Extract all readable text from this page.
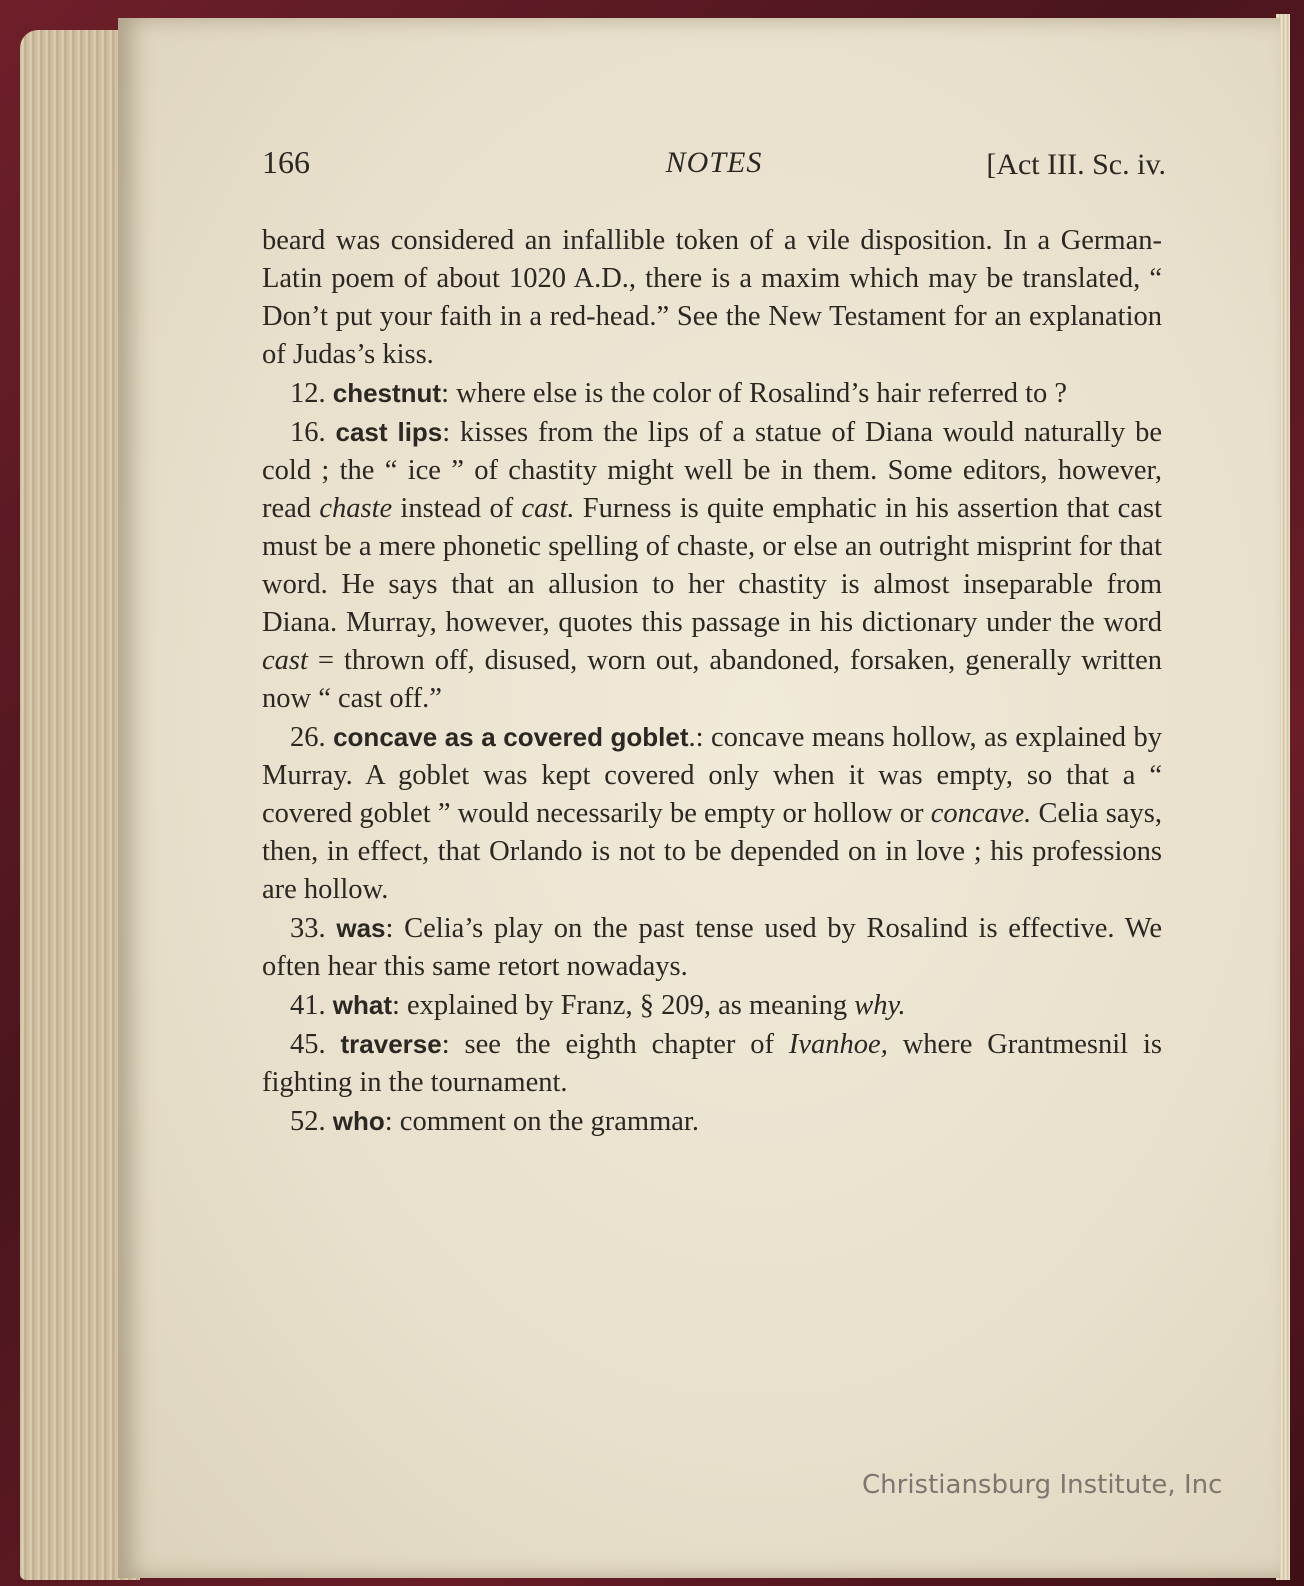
166	NOTES	[Act III. Sc. iv.

beard was considered an infallible token of a vile disposition. In a German-Latin poem of about 1020 A.D., there is a maxim which may be translated, “ Don’t put your faith in a red-head.” See the New Testament for an explanation of Judas’s kiss.

12. chestnut: where else is the color of Rosalind’s hair referred to ?

16. cast lips: kisses from the lips of a statue of Diana would naturally be cold ; the “ ice ” of chastity might well be in them. Some editors, however, read chaste instead of cast. Furness is quite emphatic in his assertion that cast must be a mere phonetic spelling of chaste, or else an outright misprint for that word. He says that an allusion to her chastity is almost inseparable from Diana. Murray, however, quotes this passage in his dictionary under the word cast = thrown off, disused, worn out, abandoned, forsaken, generally written now “ cast off.”

26. concave as a covered goblet.: concave means hollow, as explained by Murray. A goblet was kept covered only when it was empty, so that a “ covered goblet ” would necessarily be empty or hollow or concave. Celia says, then, in effect, that Orlando is not to be depended on in love ; his professions are hollow.

33. was: Celia’s play on the past tense used by Rosalind is effective. We often hear this same retort nowadays.

41. what: explained by Franz, § 209, as meaning why.

45. traverse: see the eighth chapter of Ivanhoe, where Grantmesnil is fighting in the tournament.

52. who: comment on the grammar.

Christiansburg Institute, Inc
